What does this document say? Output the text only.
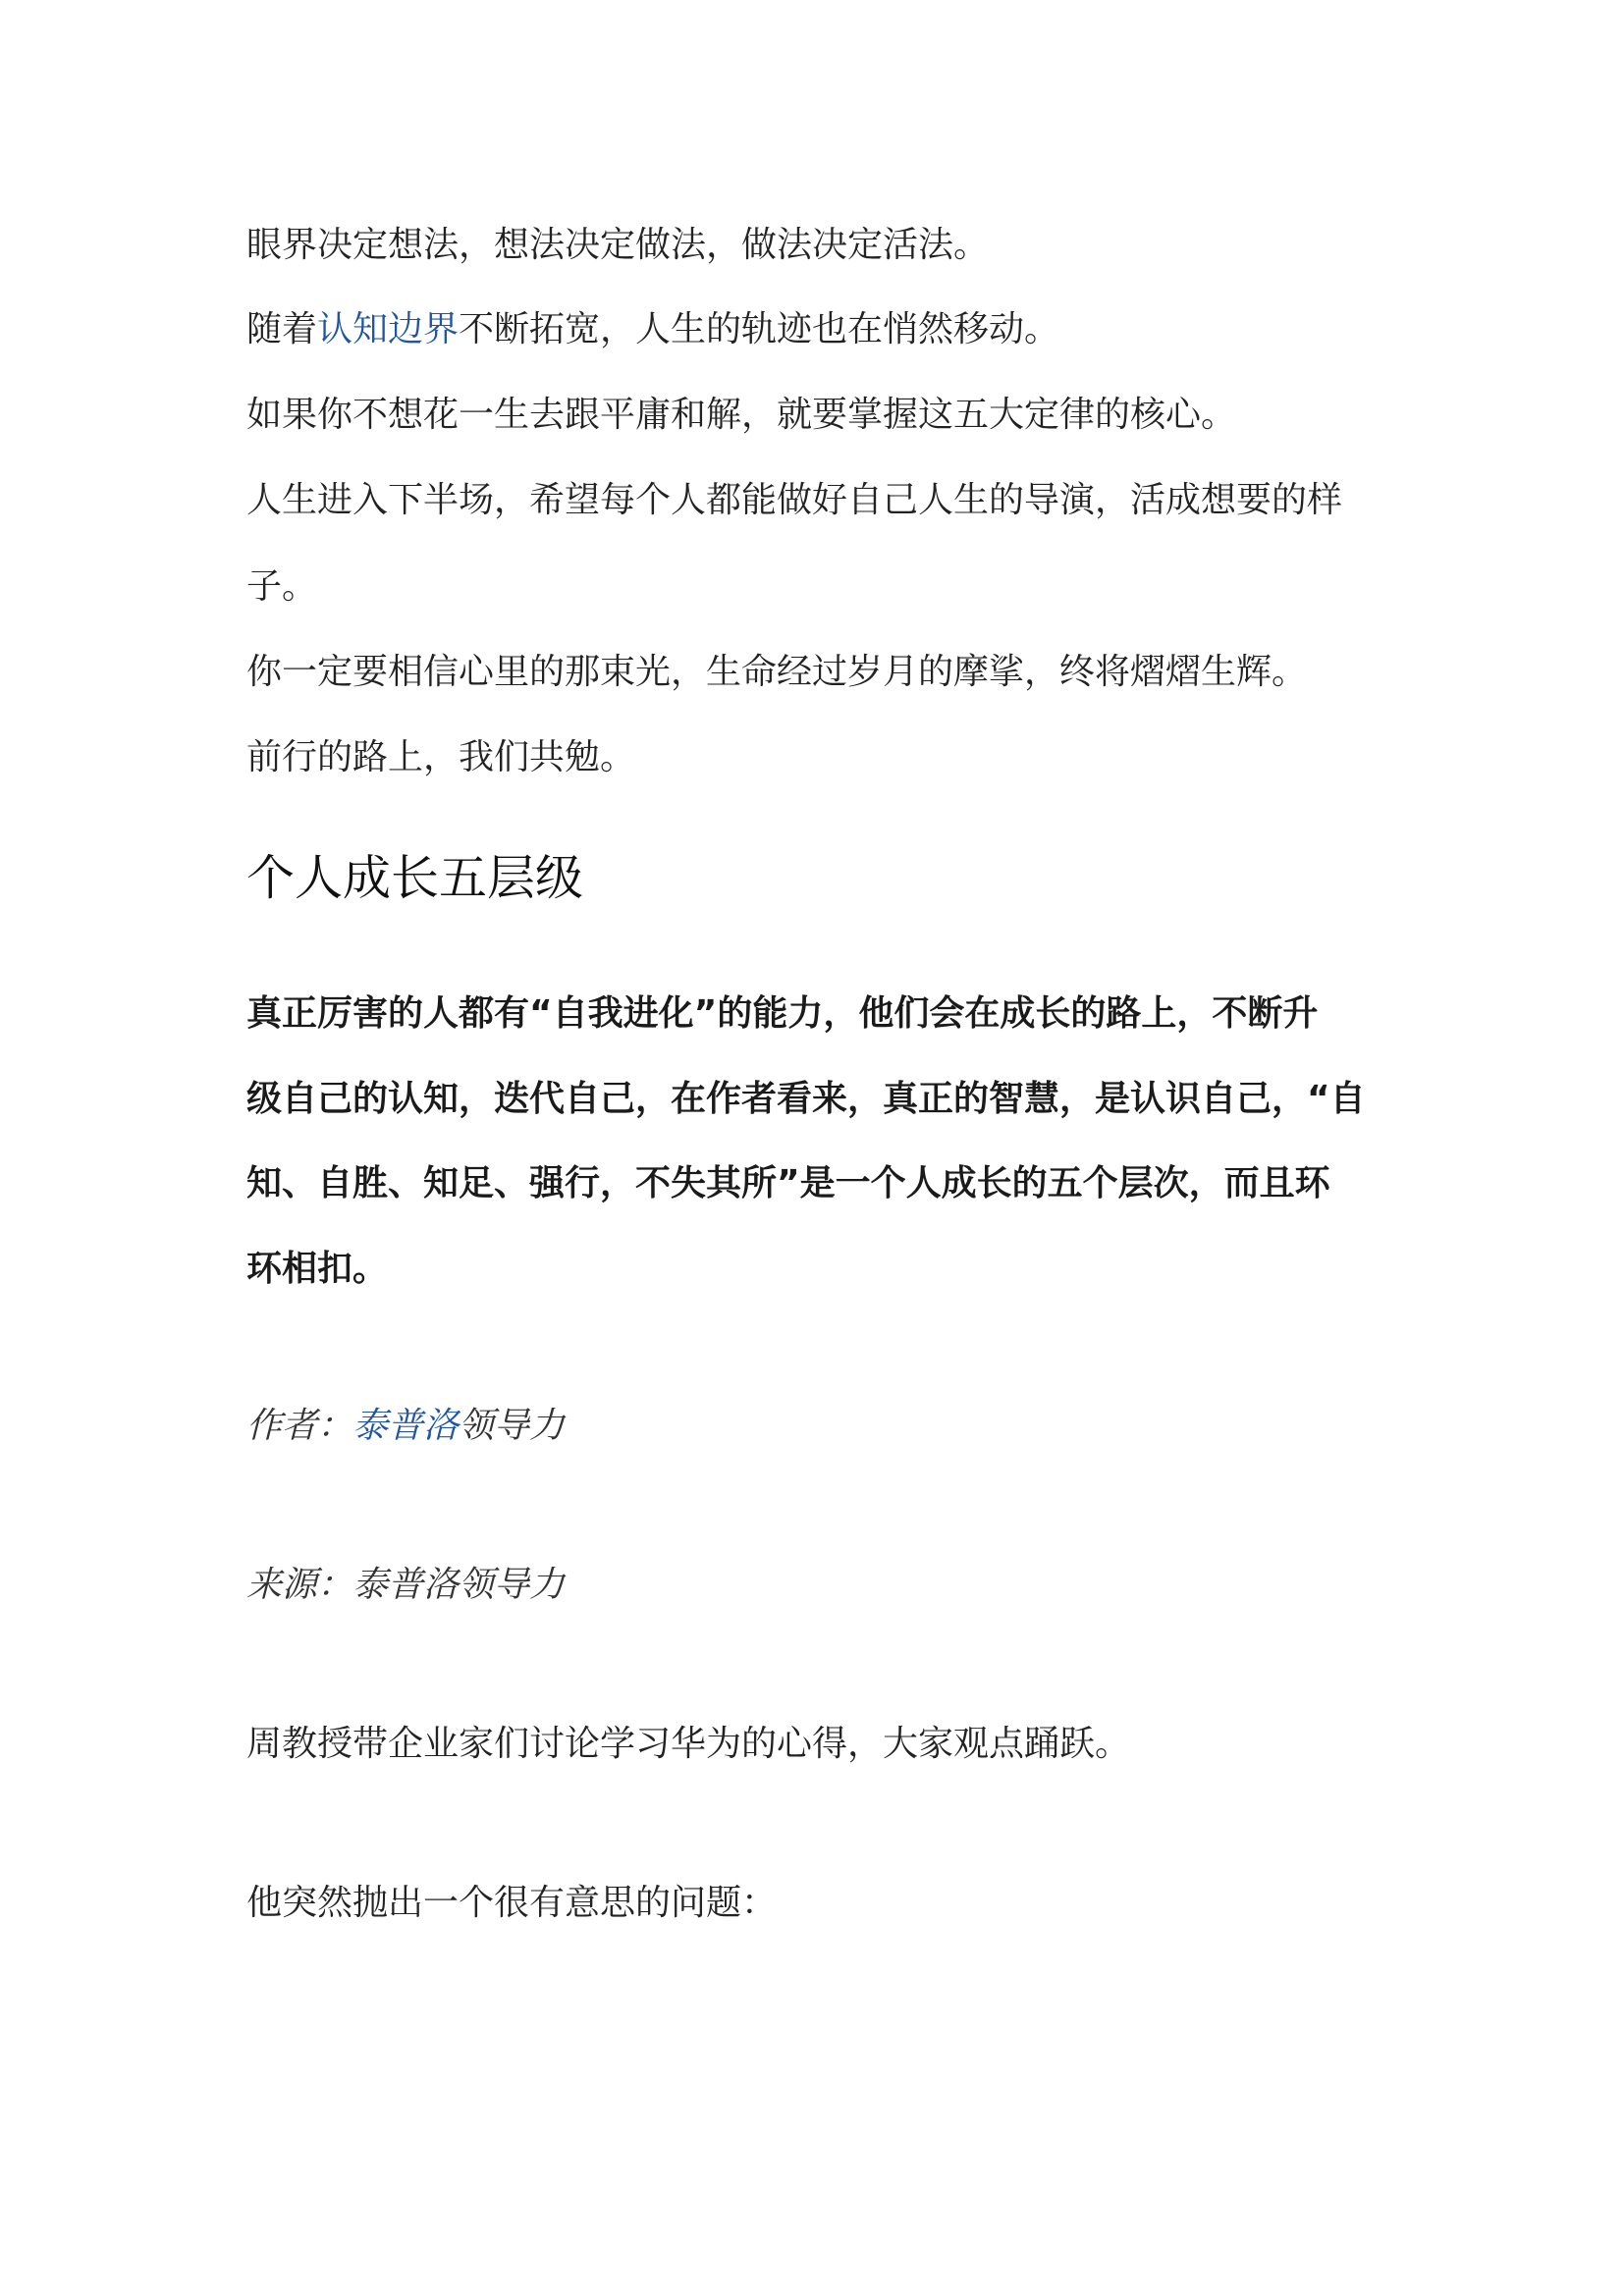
眼界决定想法，想法决定做法，做法决定活法。
随着认知边界不断拓宽，人生的轨迹也在悄然移动。
如果你不想花一生去跟平庸和解，就要掌握这五大定律的核心。
人生进入下半场，希望每个人都能做好自己人生的导演，活成想要的样
子。
你一定要相信心里的那束光，生命经过岁月的摩挲，终将熠熠生辉。
前行的路上，我们共勉。
个人成长五层级
真正厉害的人都有“自我进化”的能力，他们会在成长的路上，不断升
级自己的认知，迭代自己，在作者看来，真正的智慧，是认识自己，“自
知、自胜、知足、强行，不失其所”是一个人成长的五个层次，而且环
环相扣。
作者：泰普洛领导力
来源：泰普洛领导力
周教授带企业家们讨论学习华为的心得，大家观点踊跃。
他突然抛出一个很有意思的问题：
